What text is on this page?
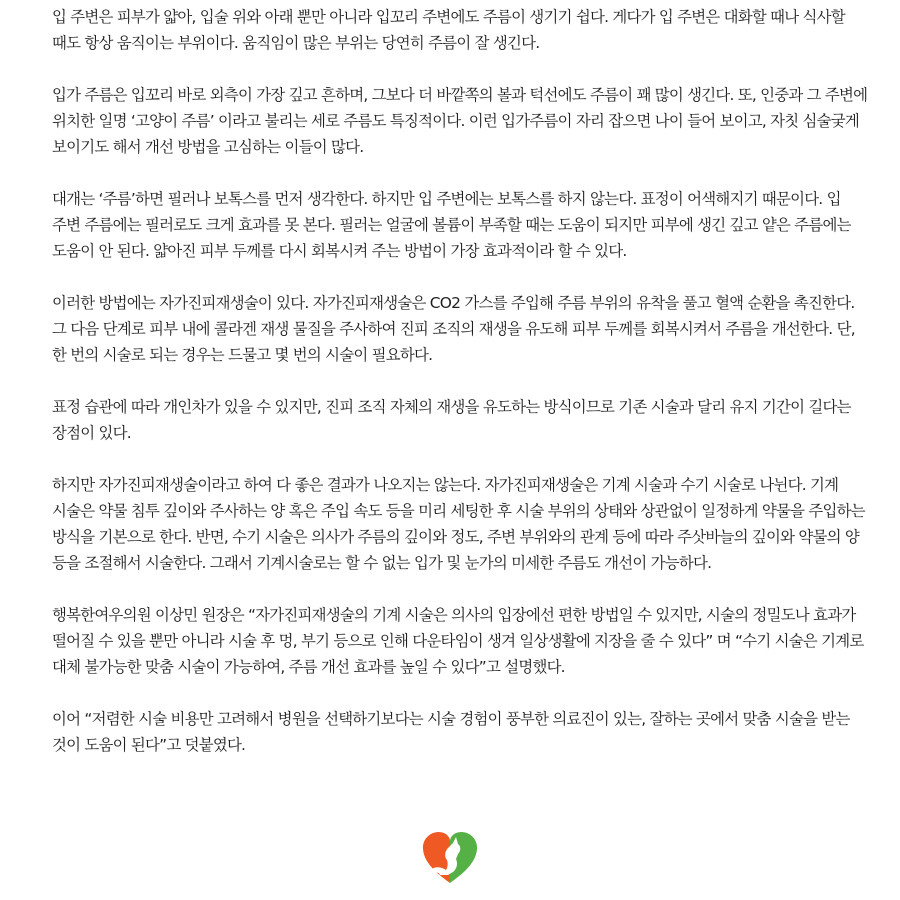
입 주변은 피부가 얇아, 입술 위와 아래 뿐만 아니라 입꼬리 주변에도 주름이 생기기 쉽다. 게다가 입 주변은 대화할 때나 식사할 때도 항상 움직이는 부위이다. 움직임이 많은 부위는 당연히 주름이 잘 생긴다.

입가 주름은 입꼬리 바로 외측이 가장 깊고 흔하며, 그보다 더 바깥쪽의 볼과 턱선에도 주름이 꽤 많이 생긴다. 또, 인중과 그 주변에 위치한 일명 ‘고양이 주름’ 이라고 불리는 세로 주름도 특징적이다. 이런 입가주름이 자리 잡으면 나이 들어 보이고, 자칫 심술궂게 보이기도 해서 개선 방법을 고심하는 이들이 많다.

대개는 ‘주름’하면 필러나 보톡스를 먼저 생각한다. 하지만 입 주변에는 보톡스를 하지 않는다. 표정이 어색해지기 때문이다. 입 주변 주름에는 필러로도 크게 효과를 못 본다. 필러는 얼굴에 볼륨이 부족할 때는 도움이 되지만 피부에 생긴 깊고 얕은 주름에는 도움이 안 된다. 얇아진 피부 두께를 다시 회복시켜 주는 방법이 가장 효과적이라 할 수 있다.

이러한 방법에는 자가진피재생술이 있다. 자가진피재생술은 CO2 가스를 주입해 주름 부위의 유착을 풀고 혈액 순환을 촉진한다. 그 다음 단계로 피부 내에 콜라겐 재생 물질을 주사하여 진피 조직의 재생을 유도해 피부 두께를 회복시켜서 주름을 개선한다. 단, 한 번의 시술로 되는 경우는 드물고 몇 번의 시술이 필요하다.

표정 습관에 따라 개인차가 있을 수 있지만, 진피 조직 자체의 재생을 유도하는 방식이므로 기존 시술과 달리 유지 기간이 길다는 장점이 있다.

하지만 자가진피재생술이라고 하여 다 좋은 결과가 나오지는 않는다. 자가진피재생술은 기계 시술과 수기 시술로 나뉜다. 기계 시술은 약물 침투 깊이와 주사하는 양 혹은 주입 속도 등을 미리 세팅한 후 시술 부위의 상태와 상관없이 일정하게 약물을 주입하는 방식을 기본으로 한다. 반면, 수기 시술은 의사가 주름의 깊이와 정도, 주변 부위와의 관계 등에 따라 주삿바늘의 깊이와 약물의 양 등을 조절해서 시술한다. 그래서 기계시술로는 할 수 없는 입가 및 눈가의 미세한 주름도 개선이 가능하다.

행복한여우의원 이상민 원장은 “자가진피재생술의 기계 시술은 의사의 입장에선 편한 방법일 수 있지만, 시술의 정밀도나 효과가 떨어질 수 있을 뿐만 아니라 시술 후 멍, 부기 등으로 인해 다운타임이 생겨 일상생활에 지장을 줄 수 있다” 며 “수기 시술은 기계로 대체 불가능한 맞춤 시술이 가능하여, 주름 개선 효과를 높일 수 있다”고 설명했다.

이어 “저렴한 시술 비용만 고려해서 병원을 선택하기보다는 시술 경험이 풍부한 의료진이 있는, 잘하는 곳에서 맞춤 시술을 받는 것이 도움이 된다”고 덧붙였다.
